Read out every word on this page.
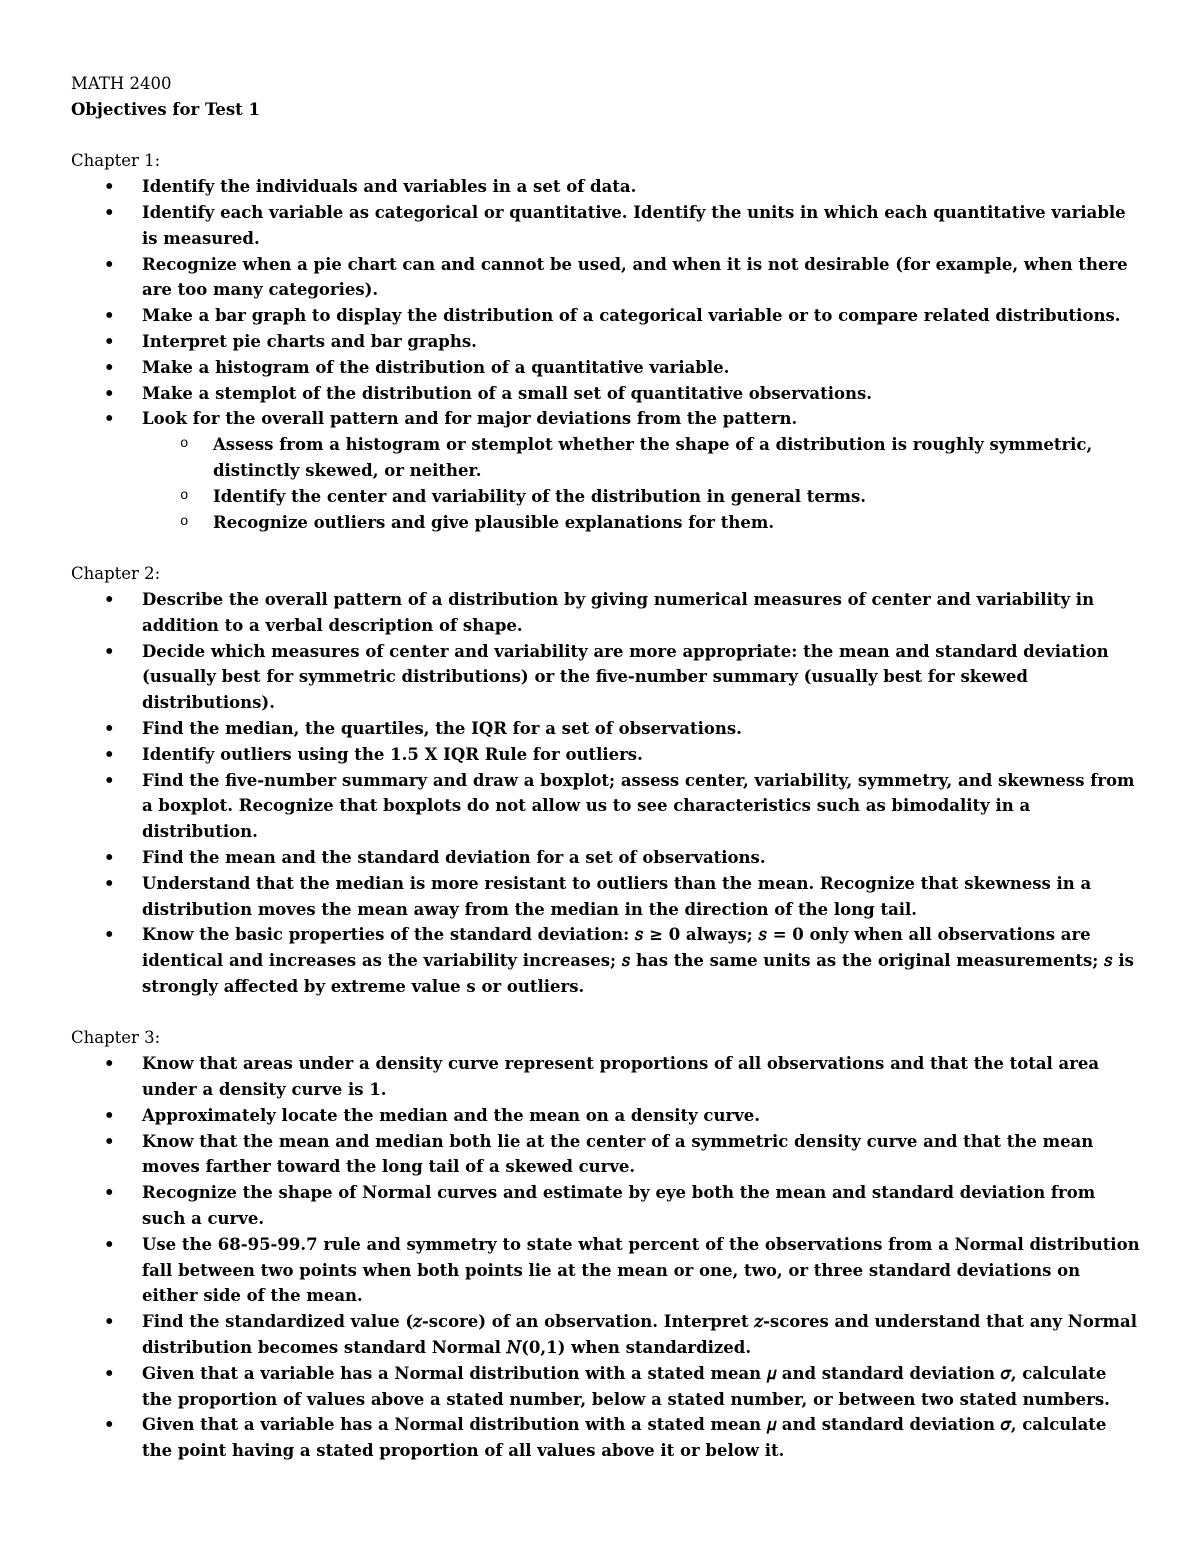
MATH 2400
Objectives for Test 1
Chapter 1:
• Identify the individuals and variables in a set of data.
• Identify each variable as categorical or quantitative. Identify the units in which each quantitative variable is measured.
• Recognize when a pie chart can and cannot be used, and when it is not desirable (for example, when there are too many categories).
• Make a bar graph to display the distribution of a categorical variable or to compare related distributions.
• Interpret pie charts and bar graphs.
• Make a histogram of the distribution of a quantitative variable.
• Make a stemplot of the distribution of a small set of quantitative observations.
• Look for the overall pattern and for major deviations from the pattern.
o Assess from a histogram or stemplot whether the shape of a distribution is roughly symmetric, distinctly skewed, or neither.
o Identify the center and variability of the distribution in general terms.
o Recognize outliers and give plausible explanations for them.
Chapter 2:
• Describe the overall pattern of a distribution by giving numerical measures of center and variability in addition to a verbal description of shape.
• Decide which measures of center and variability are more appropriate: the mean and standard deviation (usually best for symmetric distributions) or the five-number summary (usually best for skewed distributions).
• Find the median, the quartiles, the IQR for a set of observations.
• Identify outliers using the 1.5 X IQR Rule for outliers.
• Find the five-number summary and draw a boxplot; assess center, variability, symmetry, and skewness from a boxplot. Recognize that boxplots do not allow us to see characteristics such as bimodality in a distribution.
• Find the mean and the standard deviation for a set of observations.
• Understand that the median is more resistant to outliers than the mean. Recognize that skewness in a distribution moves the mean away from the median in the direction of the long tail.
• Know the basic properties of the standard deviation: 𝑠 ≥ 0 always; 𝑠 = 0 only when all observations are identical and increases as the variability increases; 𝑠 has the same units as the original measurements; 𝑠 is strongly affected by extreme value s or outliers.
Chapter 3:
• Know that areas under a density curve represent proportions of all observations and that the total area under a density curve is 1.
• Approximately locate the median and the mean on a density curve.
• Know that the mean and median both lie at the center of a symmetric density curve and that the mean moves farther toward the long tail of a skewed curve.
• Recognize the shape of Normal curves and estimate by eye both the mean and standard deviation from such a curve.
• Use the 68-95-99.7 rule and symmetry to state what percent of the observations from a Normal distribution fall between two points when both points lie at the mean or one, two, or three standard deviations on either side of the mean.
• Find the standardized value (𝑧-score) of an observation. Interpret 𝑧-scores and understand that any Normal distribution becomes standard Normal 𝑁(0,1) when standardized.
• Given that a variable has a Normal distribution with a stated mean 𝜇 and standard deviation 𝜎, calculate the proportion of values above a stated number, below a stated number, or between two stated numbers.
• Given that a variable has a Normal distribution with a stated mean 𝜇 and standard deviation 𝜎, calculate the point having a stated proportion of all values above it or below it.
